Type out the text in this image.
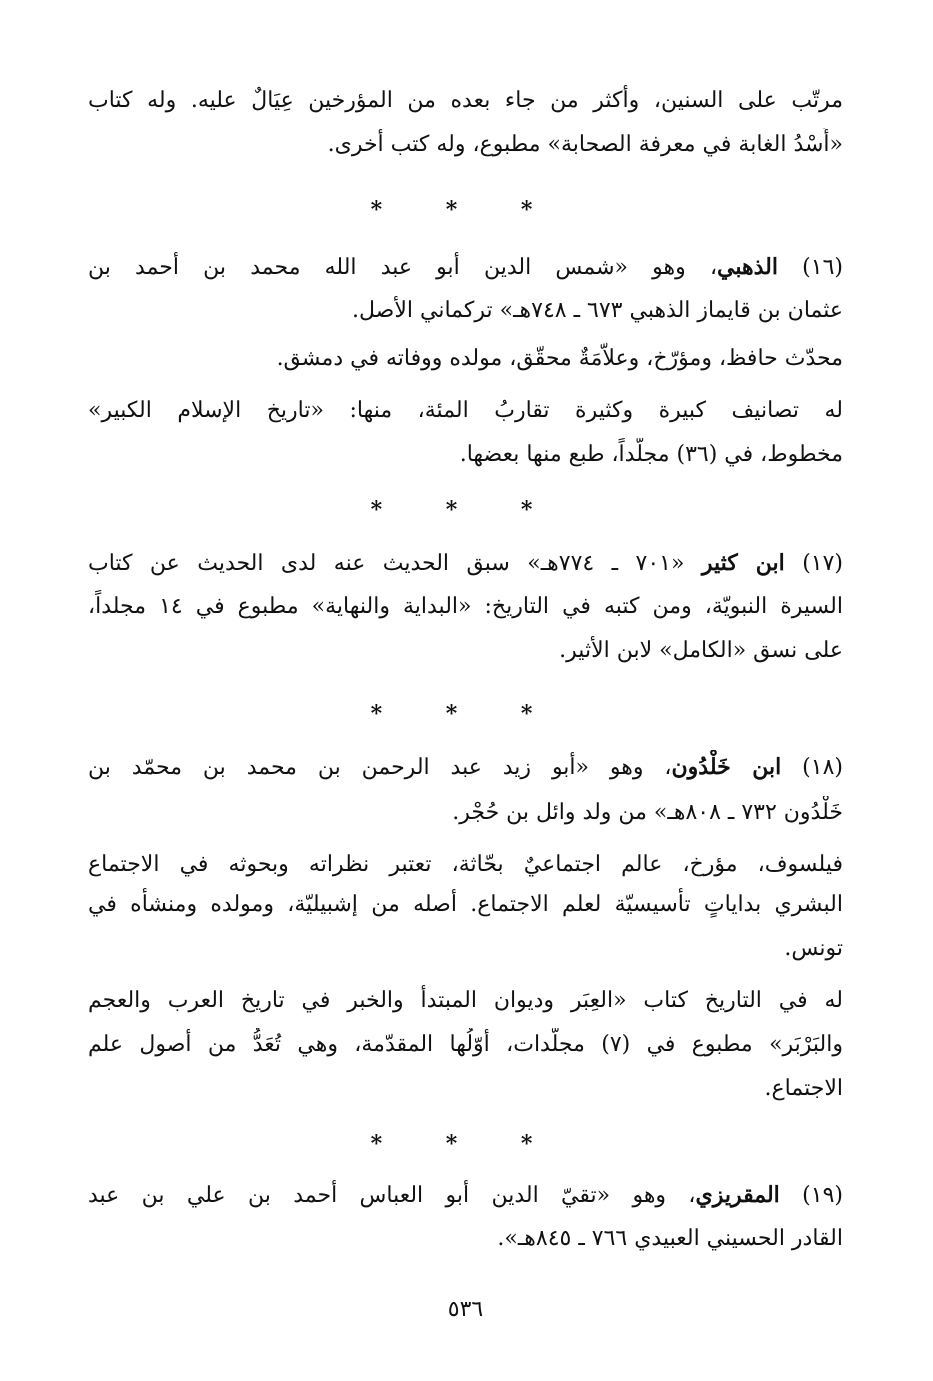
مرتّب على السنين، وأكثر من جاء بعده من المؤرخين عِيَالٌ عليه. وله كتاب
«أُسْدُ الغابة في معرفة الصحابة» مطبوع، وله كتب أخرى.
* * *
(١٦) الذهبي، وهو «شمس الدين أبو عبد الله محمد بن أحمد بن
عثمان بن قايماز الذهبي ٦٧٣ ـ ٧٤٨هـ» تركماني الأصل.
محدّث حافظ، ومؤرّخ، وعلاّمَةٌ محقّق، مولده ووفاته في دمشق.
له تصانيف كبيرة وكثيرة تقاربُ المئة، منها: «تاريخ الإسلام الكبير»
مخطوط، في (٣٦) مجلّداً، طبع منها بعضها.
* * *
(١٧) ابن كثير «٧٠١ ـ ٧٧٤هـ» سبق الحديث عنه لدى الحديث عن كتاب
السيرة النبويّة، ومن كتبه في التاريخ: «البداية والنهاية» مطبوع في ١٤ مجلداً،
على نسق «الكامل» لابن الأثير.
* * *
(١٨) ابن خَلْدُون، وهو «أبو زيد عبد الرحمن بن محمد بن محمّد بن
خَلْدُون ٧٣٢ ـ ٨٠٨هـ» من ولد وائل بن حُجْر.
فيلسوف، مؤرخ، عالم اجتماعيٌ بحّاثة، تعتبر نظراته وبحوثه في الاجتماع
البشري بداياتٍ تأسيسيّة لعلم الاجتماع. أصله من إشبيليّة، ومولده ومنشأُه في
تونس.
له في التاريخ كتاب «العِبَر وديوان المبتدأ والخبر في تاريخ العرب والعجم
والبَرْبَر» مطبوع في (٧) مجلّدات، أوّلُها المقدّمة، وهي تُعَدُّ من أصول علم
الاجتماع.
* * *
(١٩) المقريزي، وهو «تقيّ الدين أبو العباس أحمد بن علي بن عبد
القادر الحسيني العبيدي ٧٦٦ ـ ٨٤٥هـ».
٥٣٦
